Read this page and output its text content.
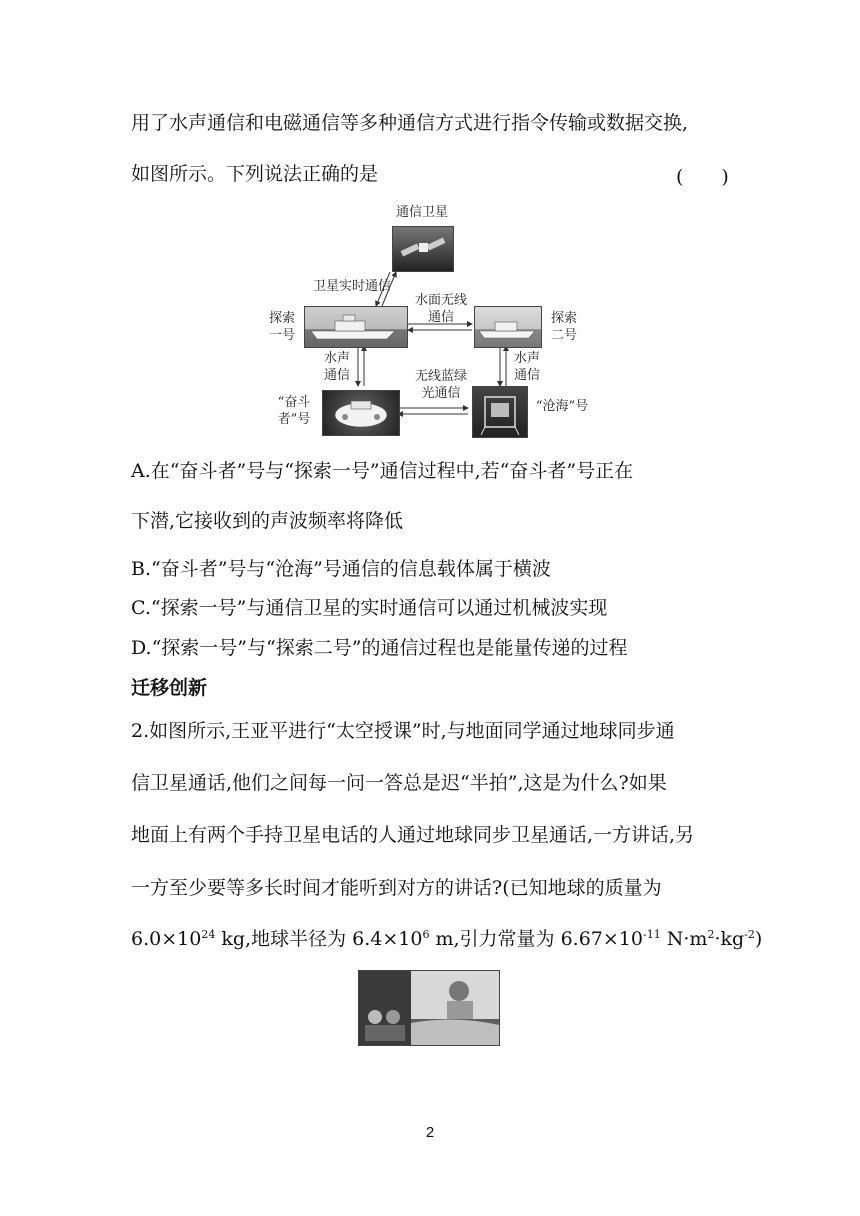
用了水声通信和电磁通信等多种通信方式进行指令传输或数据交换,
如图所示。下列说法正确的是	(　　)
通信卫星
卫星实时通信
探索
一号
水面无线
通信	探索
二号
水声
通信
水声
通信
无线蓝绿
光通信
“奋斗
者”号
“沧海”号
A.在“奋斗者”号与“探索一号”通信过程中,若“奋斗者”号正在
下潜,它接收到的声波频率将降低
B.“奋斗者”号与“沧海”号通信的信息载体属于横波
C.“探索一号”与通信卫星的实时通信可以通过机械波实现
D.“探索一号”与“探索二号”的通信过程也是能量传递的过程
迁移创新
2.如图所示,王亚平进行“太空授课”时,与地面同学通过地球同步通
信卫星通话,他们之间每一问一答总是迟“半拍”,这是为什么?如果
地面上有两个手持卫星电话的人通过地球同步卫星通话,一方讲话,另
一方至少要等多长时间才能听到对方的讲话?(已知地球的质量为
$6.0\times 10^{24}$ kg,地球半径为 $6.4\times 10^6$ m,引力常量为 $6.67\times 10^{-11}$ $N\cdot m^2\cdot kg^{-2}$)
2
